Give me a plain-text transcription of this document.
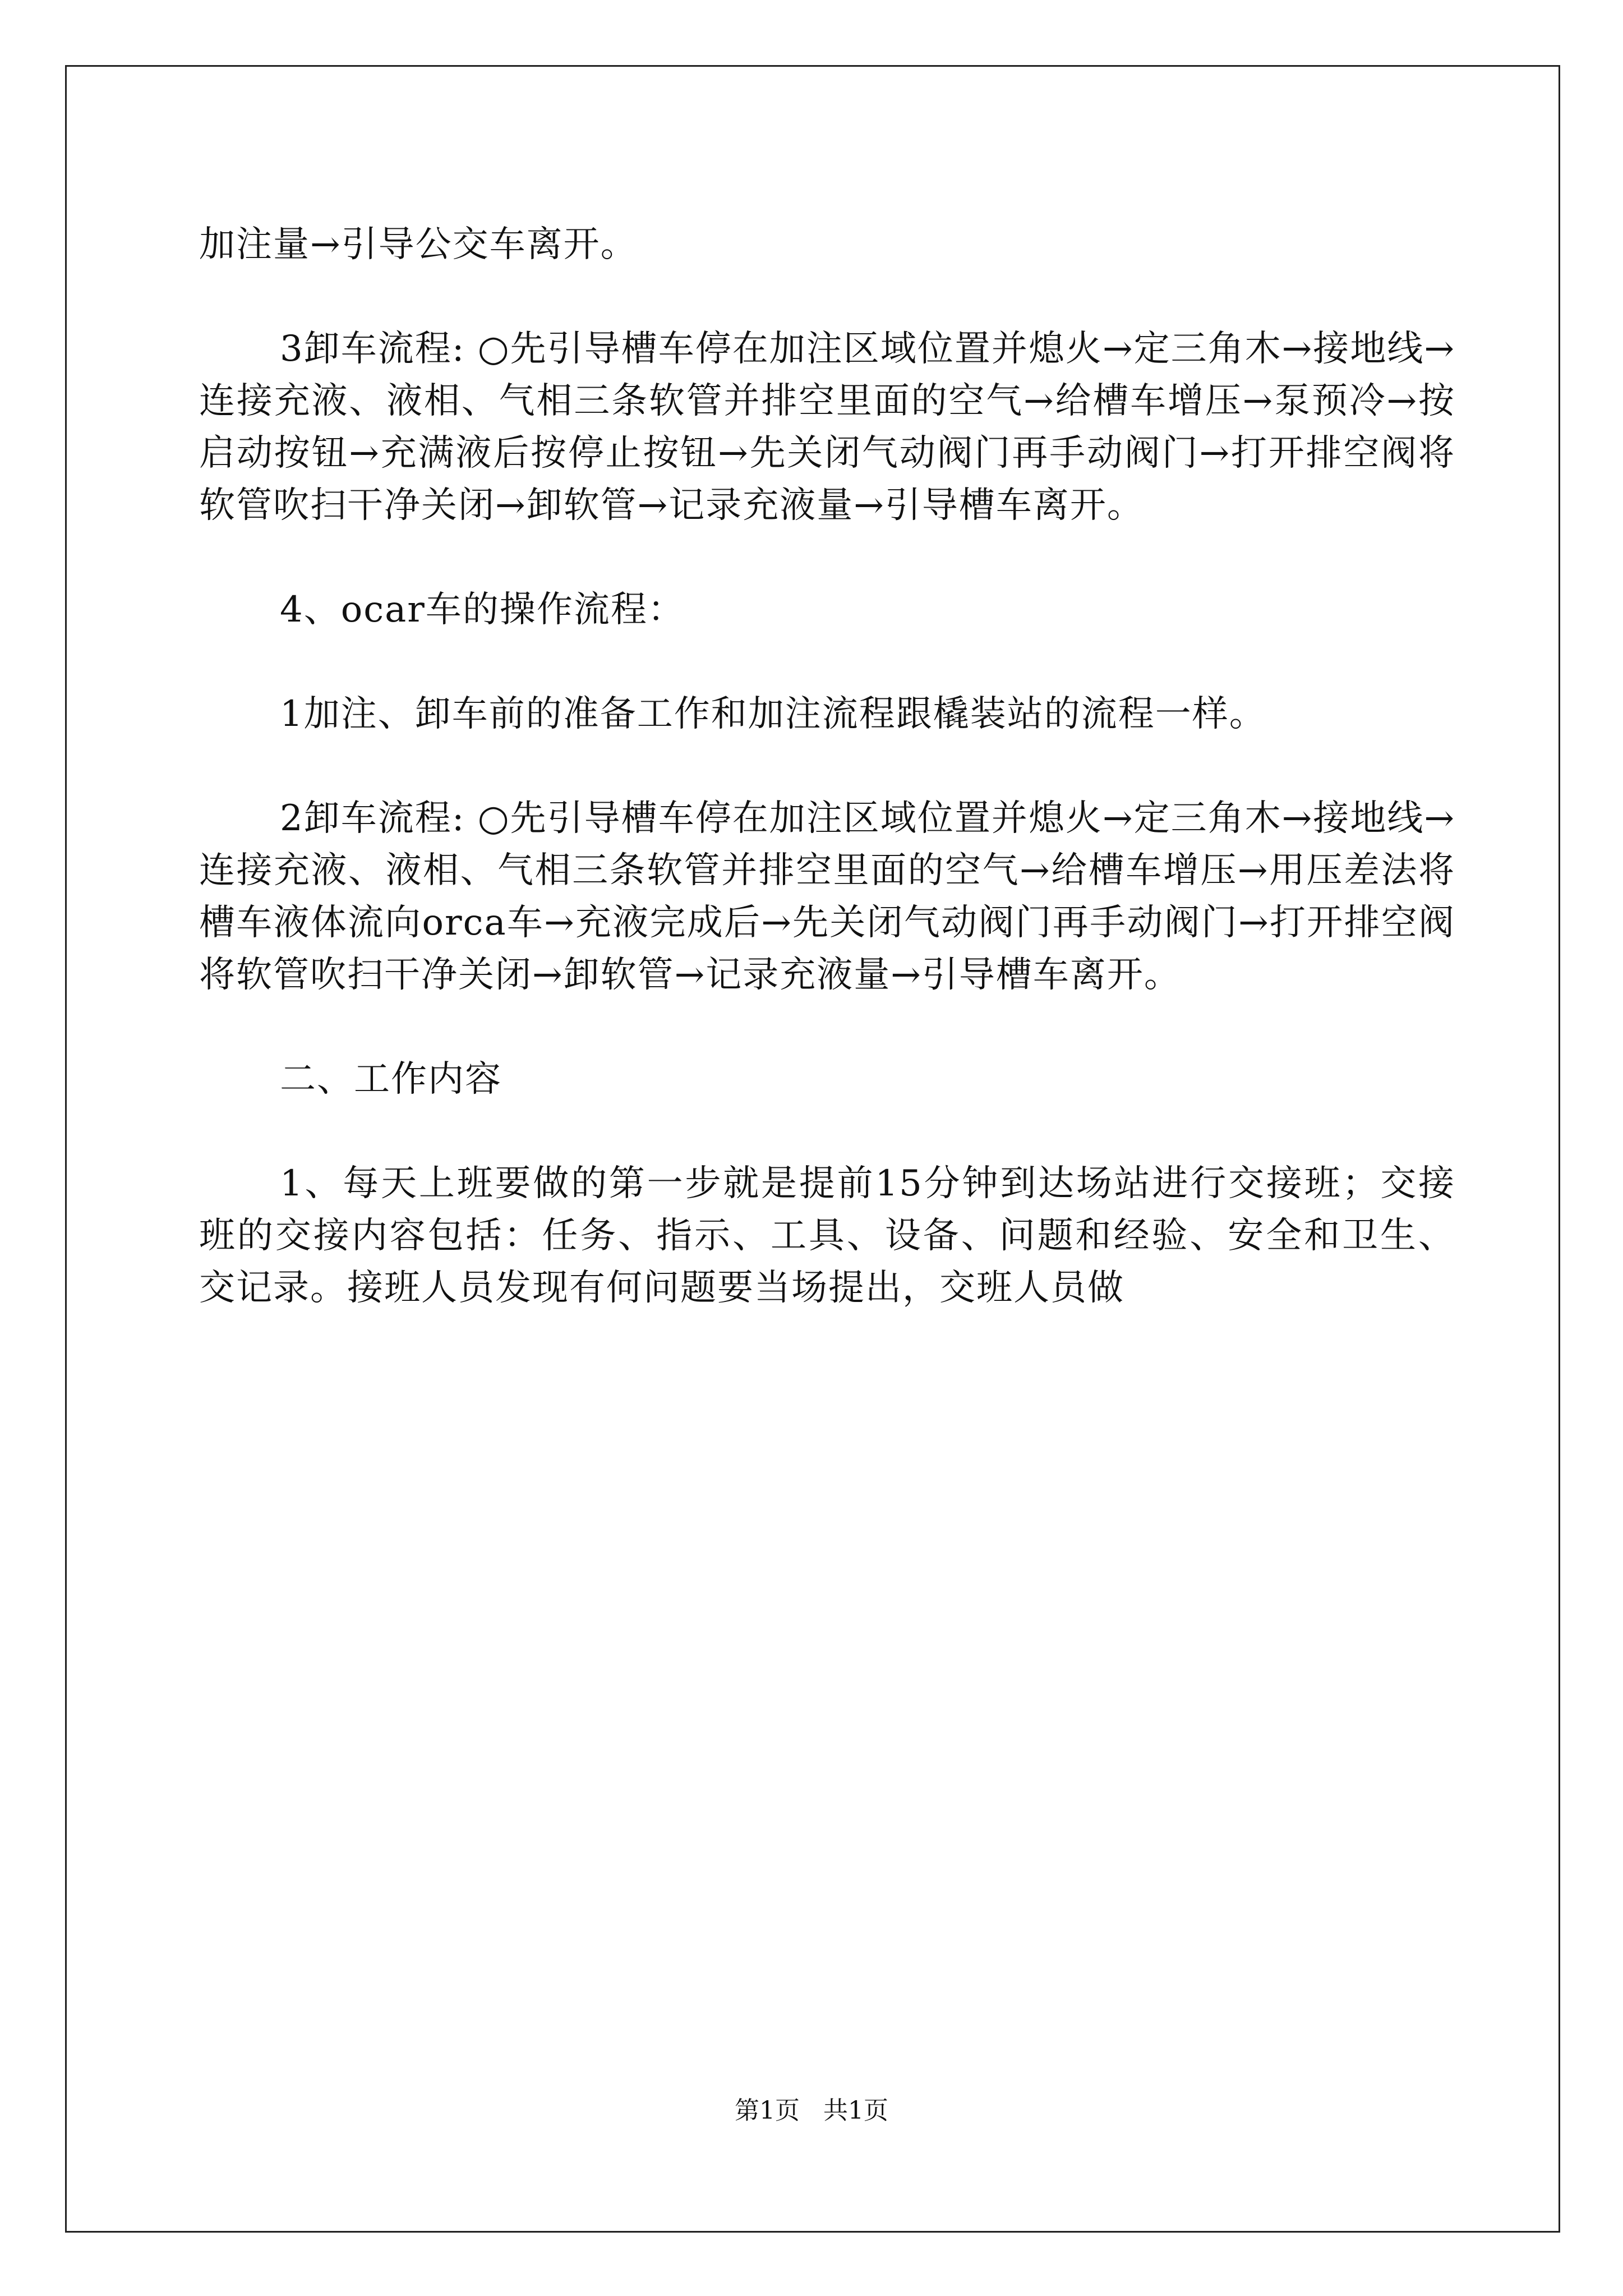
加注量→引导公交车离开。

3卸车流程: ○先引导槽车停在加注区域位置并熄火→定三角木→接地线→连接充液、液相、气相三条软管并排空里面的空气→给槽车增压→泵预冷→按启动按钮→充满液后按停止按钮→先关闭气动阀门再手动阀门→打开排空阀将软管吹扫干净关闭→卸软管→记录充液量→引导槽车离开。

4、ocar车的操作流程：

1加注、卸车前的准备工作和加注流程跟橇装站的流程一样。

2卸车流程: ○先引导槽车停在加注区域位置并熄火→定三角木→接地线→连接充液、液相、气相三条软管并排空里面的空气→给槽车增压→用压差法将槽车液体流向orca车→充液完成后→先关闭气动阀门再手动阀门→打开排空阀将软管吹扫干净关闭→卸软管→记录充液量→引导槽车离开。

二、工作内容

1、每天上班要做的第一步就是提前15分钟到达场站进行交接班；交接班的交接内容包括：任务、指示、工具、设备、问题和经验、安全和卫生、交记录。接班人员发现有何问题要当场提出，交班人员做

第1页   共1页
